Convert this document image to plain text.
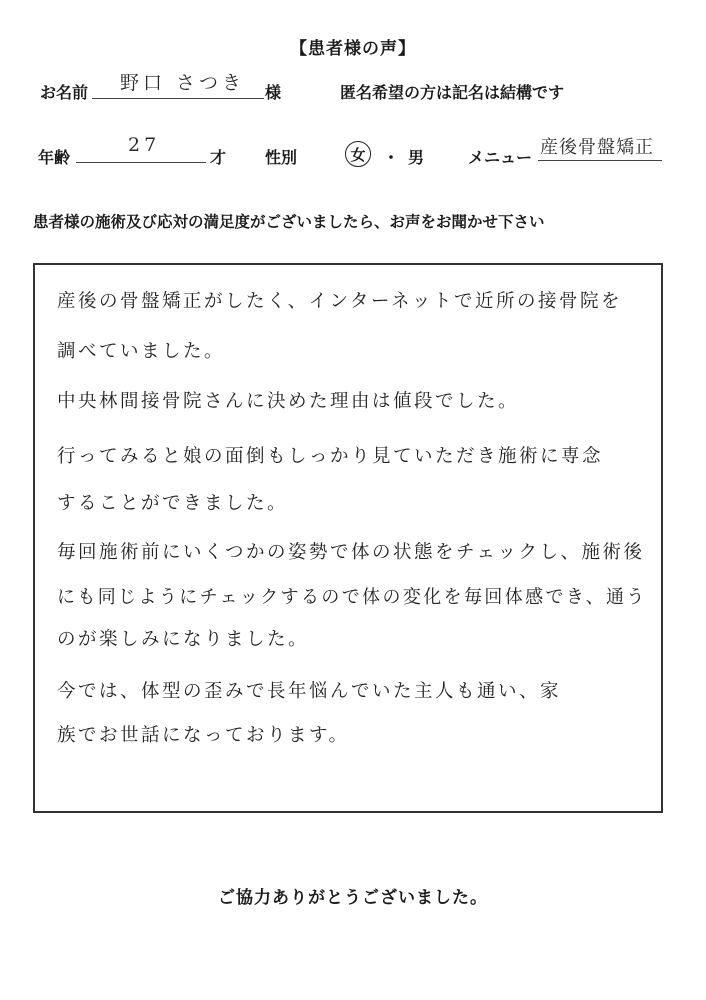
【患者様の声】
お名前 野口 さつき 様	匿名希望の方は記名は結構です
年齢
27
才 性別	女 ・ 男	メニュー 産後骨盤矯正
患者様の施術及び応対の満足度がございましたら、お声をお聞かせ下さい
産後の骨盤矯正がしたく、インターネットで近所の接骨院を
調べていました。
中央林間接骨院さんに決めた理由は値段でした。
行ってみると娘の面倒もしっかり見ていただき施術に専念
することができました。
毎回施術前にいくつかの姿勢で体の状態をチェックし、施術後
にも同じようにチェックするので体の変化を毎回体感でき、通う
のが楽しみになりました。
今では、体型の歪みで長年悩んでいた主人も通い、家
族でお世話になっております。
ご協力ありがとうございました。
